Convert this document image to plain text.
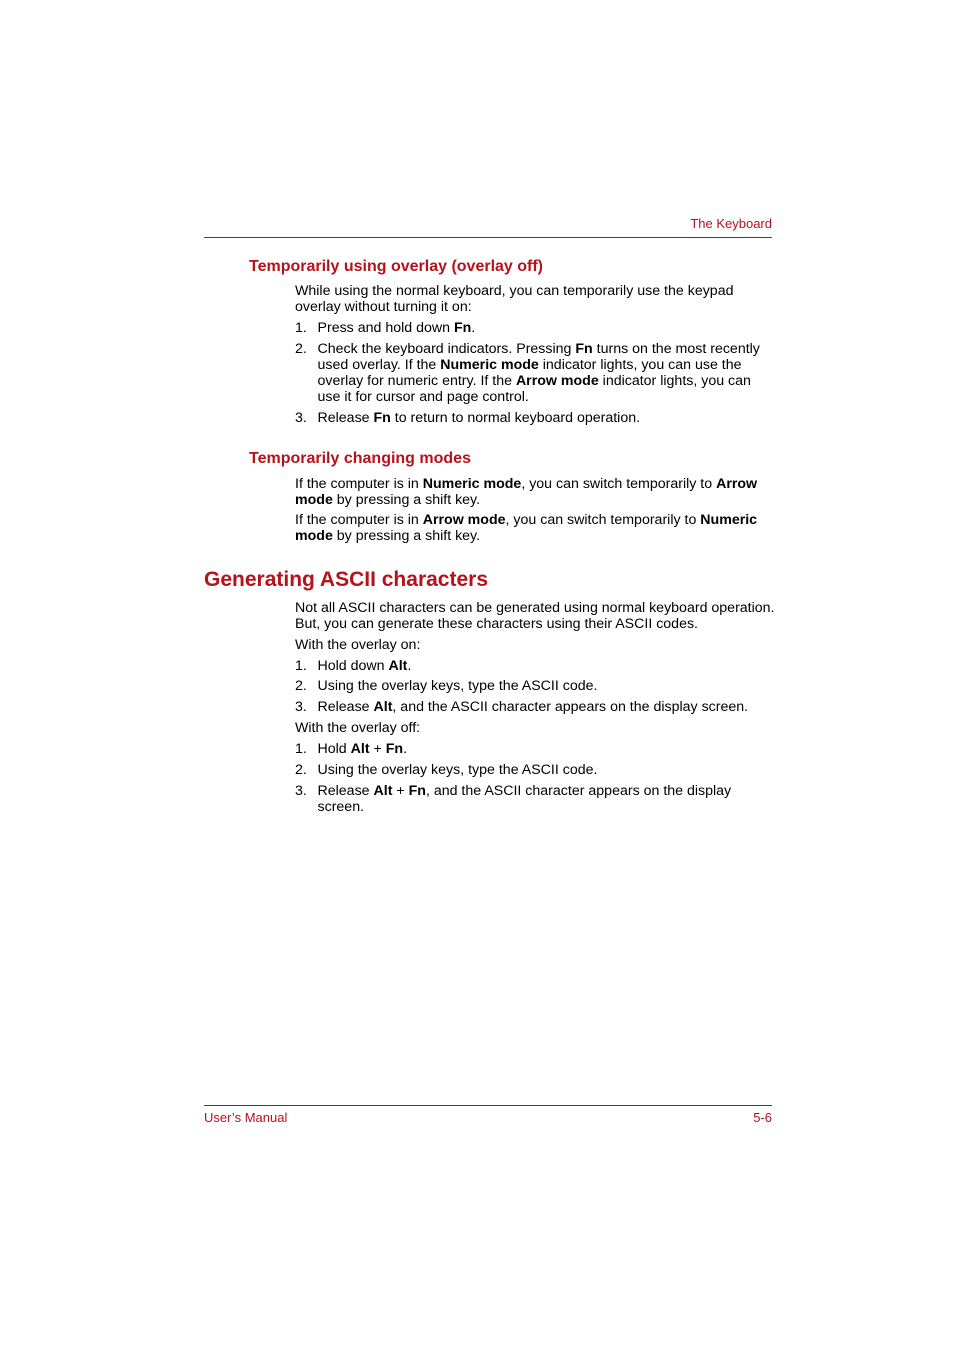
The Keyboard
Temporarily using overlay (overlay off)

While using the normal keyboard, you can temporarily use the keypad overlay without turning it on:

1. Press and hold down Fn.
2. Check the keyboard indicators. Pressing Fn turns on the most recently used overlay. If the Numeric mode indicator lights, you can use the overlay for numeric entry. If the Arrow mode indicator lights, you can use it for cursor and page control.
3. Release Fn to return to normal keyboard operation.
Temporarily changing modes

If the computer is in Numeric mode, you can switch temporarily to Arrow mode by pressing a shift key.

If the computer is in Arrow mode, you can switch temporarily to Numeric mode by pressing a shift key.

Generating ASCII characters

Not all ASCII characters can be generated using normal keyboard operation. But, you can generate these characters using their ASCII codes.

With the overlay on:

1. Hold down Alt.
2. Using the overlay keys, type the ASCII code.
3. Release Alt, and the ASCII character appears on the display screen.

With the overlay off:

1. Hold Alt + Fn.
2. Using the overlay keys, type the ASCII code.
3. Release Alt + Fn, and the ASCII character appears on the display screen.
User’s Manual	5-6
